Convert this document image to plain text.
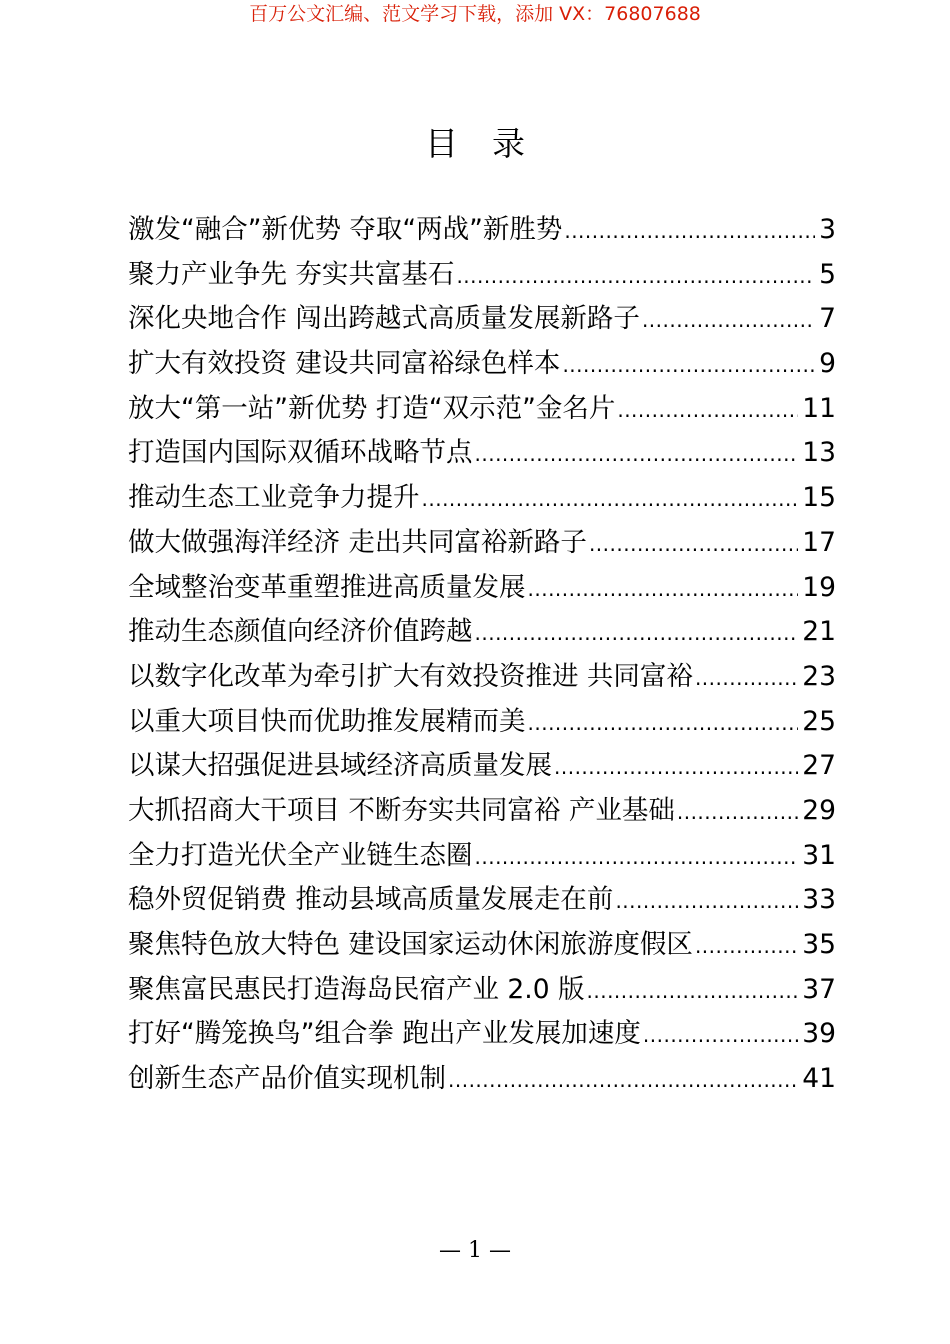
百万公文汇编、范文学习下载，添加 VX：76807688
目录
激发“融合”新优势 夺取“两战”新胜势 .....	3
聚力产业争先 夯实共富基石 .....	5
深化央地合作 闯出跨越式高质量发展新路子 .....	7
扩大有效投资 建设共同富裕绿色样本 .....	9
放大“第一站”新优势 打造“双示范”金名片 .....	11
打造国内国际双循环战略节点 .....	13
推动生态工业竞争力提升 .....	15
做大做强海洋经济 走出共同富裕新路子 .....	17
全域整治变革重塑推进高质量发展 .....	19
推动生态颜值向经济价值跨越 .....	21
以数字化改革为牵引扩大有效投资推进 共同富裕 .....	23
以重大项目快而优助推发展精而美 .....	25
以谋大招强促进县域经济高质量发展 .....	27
大抓招商大干项目 不断夯实共同富裕 产业基础 .....	29
全力打造光伏全产业链生态圈 .....	31
稳外贸促销费 推动县域高质量发展走在前 .....	33
聚焦特色放大特色 建设国家运动休闲旅游度假区 .....	35
聚焦富民惠民打造海岛民宿产业 2.0 版 .....	37
打好“腾笼换鸟”组合拳 跑出产业发展加速度 .....	39
创新生态产品价值实现机制 .....	41
— 1 —
